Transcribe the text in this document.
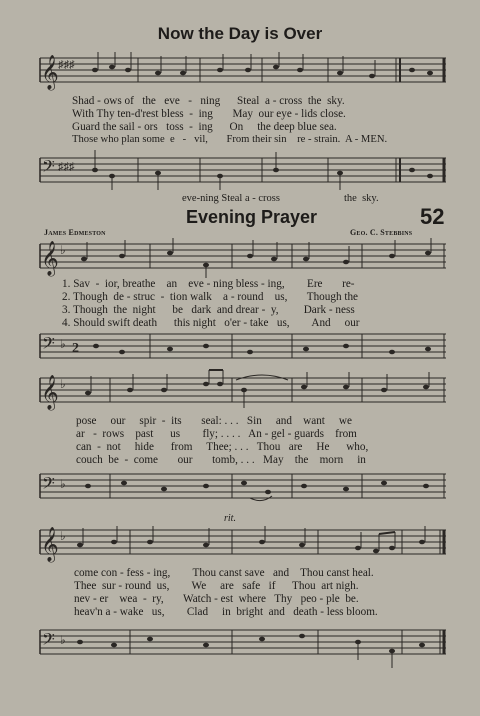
Now the Day is Over
𝄞 ♯♯♯
Shad - ows of   the   eve   -   ning      Steal  a - cross  the  sky.
With Thy ten-d'rest bless  -  ing       May  our eye - lids close.
Guard the sail - ors   toss  -  ing      On     the deep blue sea.
Those who plan some  e   -   vil,       From their sin    re - strain.  A - MEN.
𝄢 ♯♯♯
eve-ning Steal a - cross	the  sky.
Evening Prayer	52
James Edmeston	Geo. C. Stebbins
𝄞 ♭
1. Sav  -  ior, breathe    an    eve - ning bless - ing,        Ere       re-
2. Though  de - struc  -  tion walk    a - round    us,       Though the
3. Though  the  night      be   dark  and drear -  y,         Dark - ness
4. Should swift death      this night   o'er - take   us,        And     our
𝄢 ♭ 2
𝄞 ♭
pose     our     spir  -  its       seal: . . .   Sin     and    want     we
ar   -  rows    past      us        fly; . . . .   An - gel - guards    from
can  -  not     hide      from     Thee; . . .   Thou   are     He      who,
couch  be  -  come       our       tomb, . . .   May    the    morn     in
𝄢 ♭
rit.
𝄞 ♭
come con - fess - ing,        Thou canst save   and    Thou canst heal.
Thee  sur - round  us,        We     are   safe   if      Thou  art nigh.
nev - er    wea  -  ry,       Watch - est  where   Thy   peo - ple  be.
heav'n a - wake   us,        Clad     in  bright  and   death - less bloom.
𝄢 ♭
